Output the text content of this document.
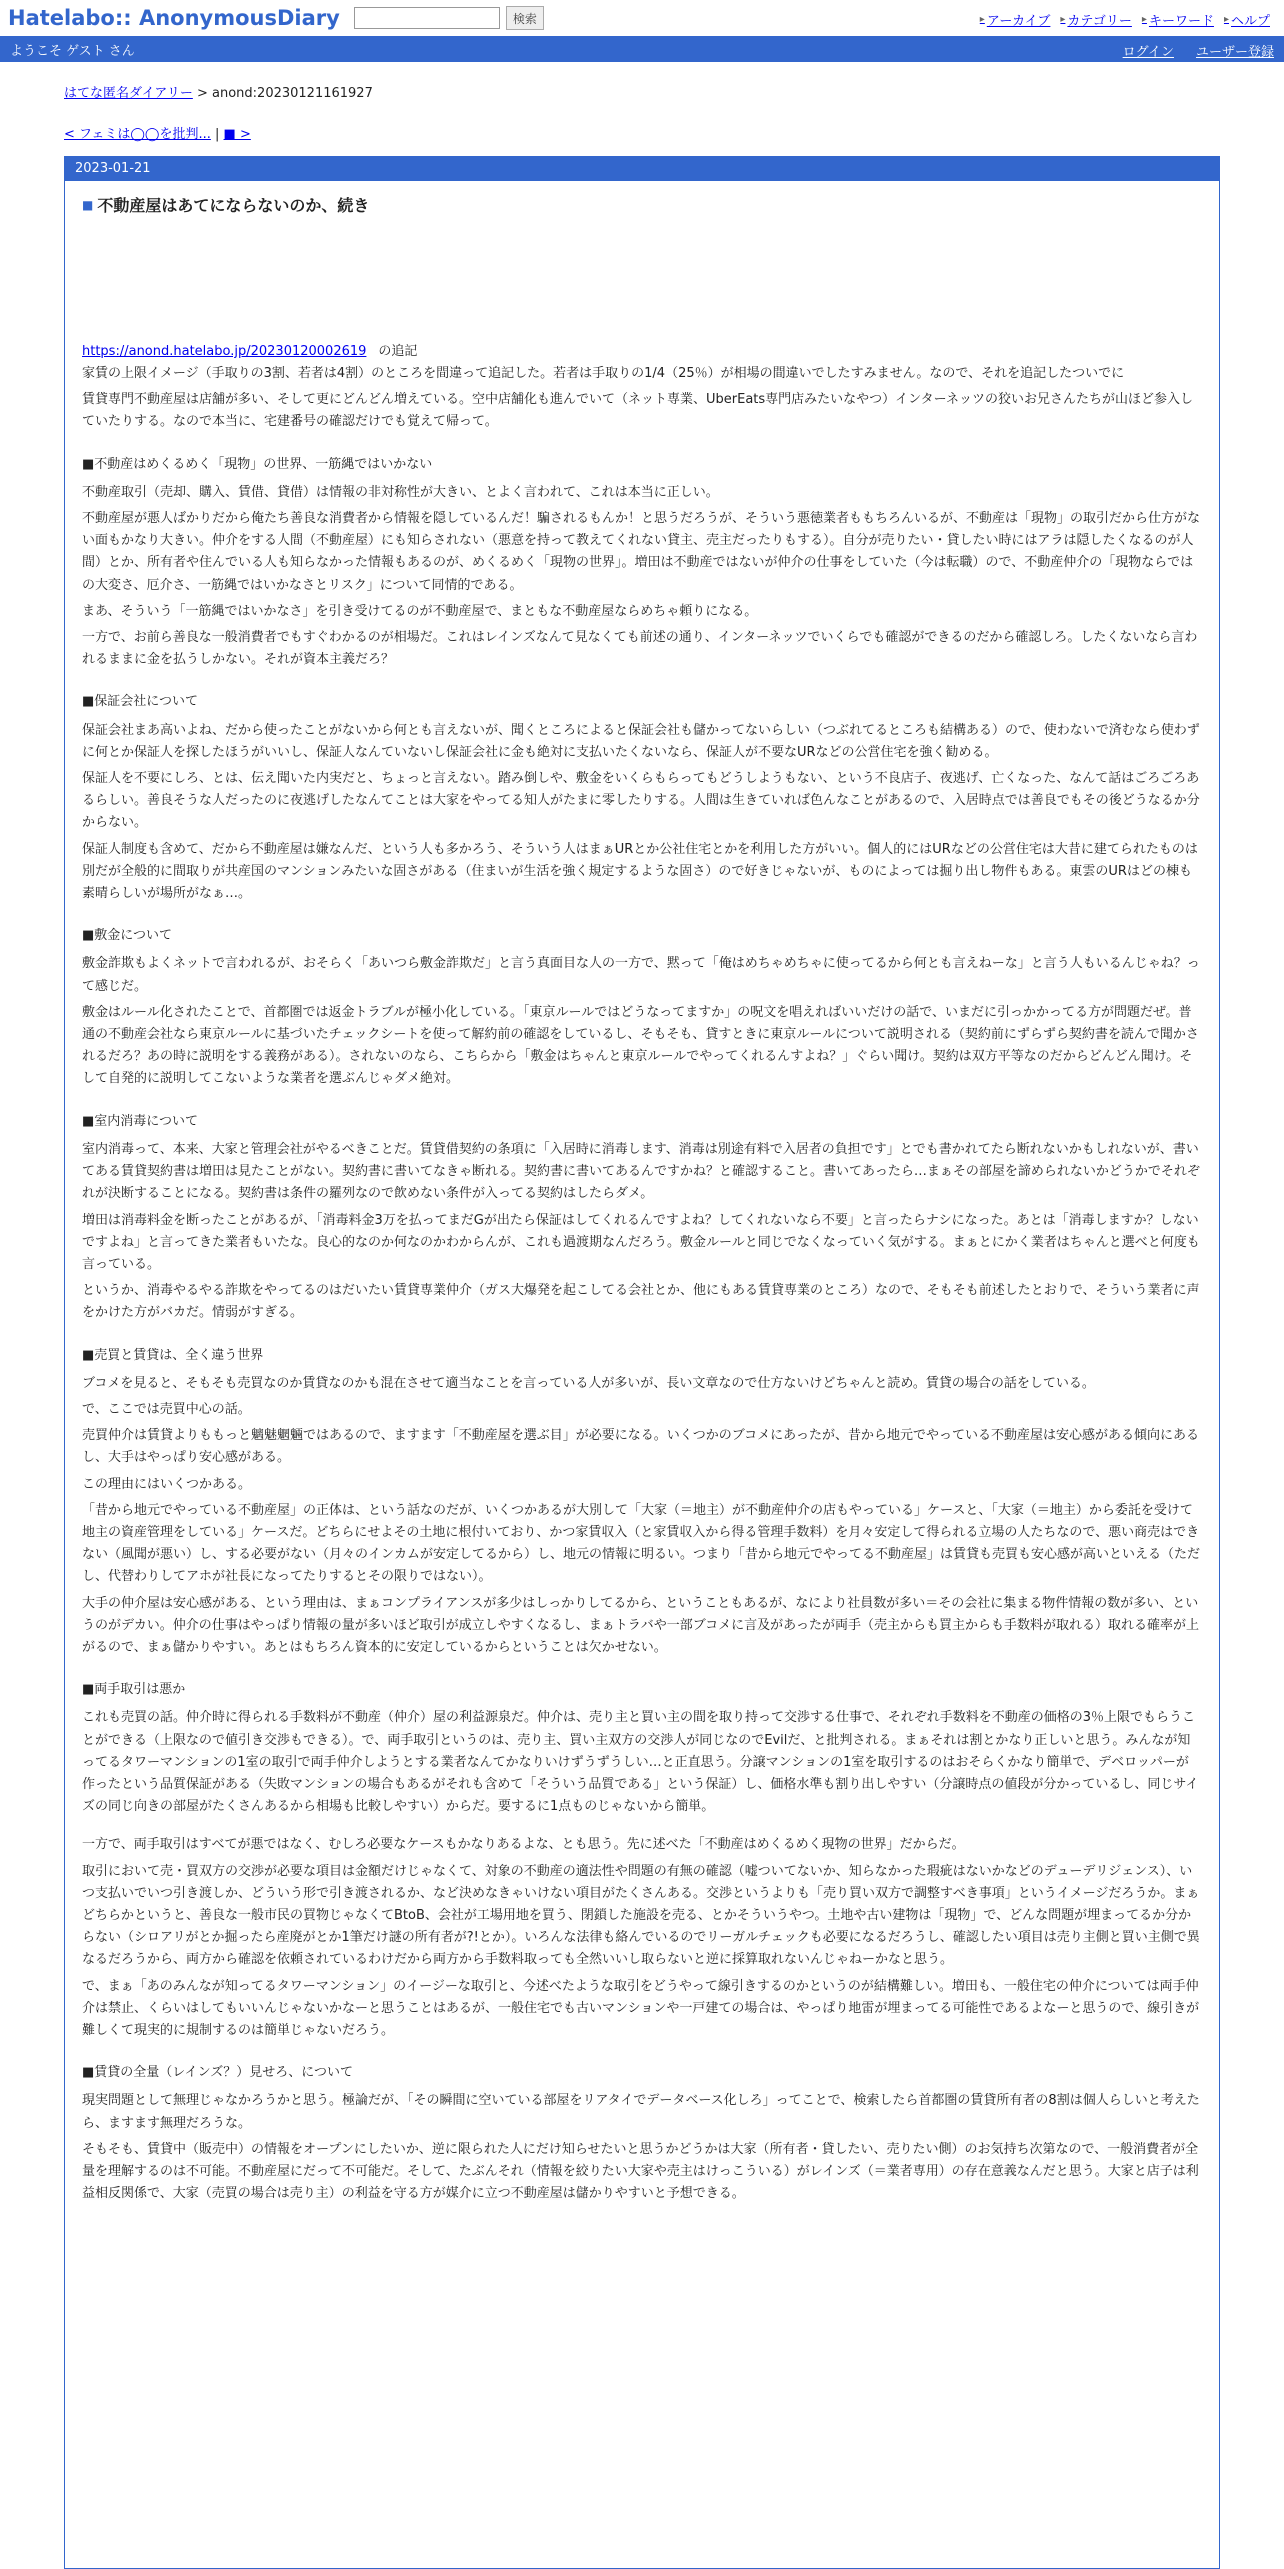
Hatelabo:: AnonymousDiary	検索	▸ アーカイブ ▸ カテゴリー ▸ キーワード ▸ ヘルプ
ようこそ ゲスト さん	ログイン ユーザー登録
はてな匿名ダイアリー > anond:20230121161927
< フェミは◯◯を批判... | ■ >
2023-01-21
■ 不動産屋はあてにならないのか、続き
https://anond.hatelabo.jp/20230120002619 の追記

家賃の上限イメージ（手取りの3割、若者は4割）のところを間違って追記した。若者は手取りの1/4（25％）が相場の間違いでしたすみません。なので、それを追記したついでに

賃貸専門不動産屋は店舗が多い、そして更にどんどん増えている。空中店舗化も進んでいて（ネット専業、UberEats専門店みたいなやつ）インターネッツの狡いお兄さんたちが山ほど参入していたりする。なので本当に、宅建番号の確認だけでも覚えて帰って。

■不動産はめくるめく「現物」の世界、一筋縄ではいかない

不動産取引（売却、購入、賃借、貸借）は情報の非対称性が大きい、とよく言われて、これは本当に正しい。

不動産屋が悪人ばかりだから俺たち善良な消費者から情報を隠しているんだ！騙されるもんか！と思うだろうが、そういう悪徳業者ももちろんいるが、不動産は「現物」の取引だから仕方がない面もかなり大きい。仲介をする人間（不動産屋）にも知らされない（悪意を持って教えてくれない貸主、売主だったりもする）。自分が売りたい・貸したい時にはアラは隠したくなるのが人間）とか、所有者や住んでいる人も知らなかった情報もあるのが、めくるめく「現物の世界」。増田は不動産ではないが仲介の仕事をしていた（今は転職）ので、不動産仲介の「現物ならではの大変さ、厄介さ、一筋縄ではいかなさとリスク」について同情的である。

まあ、そういう「一筋縄ではいかなさ」を引き受けてるのが不動産屋で、まともな不動産屋ならめちゃ頼りになる。

一方で、お前ら善良な一般消費者でもすぐわかるのが相場だ。これはレインズなんて見なくても前述の通り、インターネッツでいくらでも確認ができるのだから確認しろ。したくないなら言われるままに金を払うしかない。それが資本主義だろ？

■保証会社について

保証会社まあ高いよね、だから使ったことがないから何とも言えないが、聞くところによると保証会社も儲かってないらしい（つぶれてるところも結構ある）ので、使わないで済むなら使わずに何とか保証人を探したほうがいいし、保証人なんていないし保証会社に金も絶対に支払いたくないなら、保証人が不要なURなどの公営住宅を強く勧める。

保証人を不要にしろ、とは、伝え聞いた内実だと、ちょっと言えない。踏み倒しや、敷金をいくらもらってもどうしようもない、という不良店子、夜逃げ、亡くなった、なんて話はごろごろあるらしい。善良そうな人だったのに夜逃げしたなんてことは大家をやってる知人がたまに零したりする。人間は生きていれば色んなことがあるので、入居時点では善良でもその後どうなるか分からない。

保証人制度も含めて、だから不動産屋は嫌なんだ、という人も多かろう、そういう人はまぁURとか公社住宅とかを利用した方がいい。個人的にはURなどの公営住宅は大昔に建てられたものは別だが全般的に間取りが共産国のマンションみたいな固さがある（住まいが生活を強く規定するような固さ）ので好きじゃないが、ものによっては掘り出し物件もある。東雲のURはどの棟も素晴らしいが場所がなぁ…。

■敷金について

敷金詐欺もよくネットで言われるが、おそらく「あいつら敷金詐欺だ」と言う真面目な人の一方で、黙って「俺はめちゃめちゃに使ってるから何とも言えねーな」と言う人もいるんじゃね？って感じだ。

敷金はルール化されたことで、首都圏では返金トラブルが極小化している。「東京ルールではどうなってますか」の呪文を唱えればいいだけの話で、いまだに引っかかってる方が問題だぜ。普通の不動産会社なら東京ルールに基づいたチェックシートを使って解約前の確認をしているし、そもそも、貸すときに東京ルールについて説明される（契約前にずらずら契約書を読んで聞かされるだろ？あの時に説明をする義務がある）。されないのなら、こちらから「敷金はちゃんと東京ルールでやってくれるんすよね？」ぐらい聞け。契約は双方平等なのだからどんどん聞け。そして自発的に説明してこないような業者を選ぶんじゃダメ絶対。

■室内消毒について

室内消毒って、本来、大家と管理会社がやるべきことだ。賃貸借契約の条項に「入居時に消毒します、消毒は別途有料で入居者の負担です」とでも書かれてたら断れないかもしれないが、書いてある賃貸契約書は増田は見たことがない。契約書に書いてなきゃ断れる。契約書に書いてあるんですかね？と確認すること。書いてあったら…まぁその部屋を諦められないかどうかでそれぞれが決断することになる。契約書は条件の羅列なので飲めない条件が入ってる契約はしたらダメ。

増田は消毒料金を断ったことがあるが、「消毒料金3万を払ってまだGが出たら保証はしてくれるんですよね？してくれないなら不要」と言ったらナシになった。あとは「消毒しますか？しないですよね」と言ってきた業者もいたな。良心的なのか何なのかわからんが、これも過渡期なんだろう。敷金ルールと同じでなくなっていく気がする。まぁとにかく業者はちゃんと選べと何度も言っている。

というか、消毒やるやる詐欺をやってるのはだいたい賃貸専業仲介（ガス大爆発を起こしてる会社とか、他にもある賃貸専業のところ）なので、そもそも前述したとおりで、そういう業者に声をかけた方がバカだ。情弱がすぎる。

■売買と賃貸は、全く違う世界

ブコメを見ると、そもそも売買なのか賃貸なのかも混在させて適当なことを言っている人が多いが、長い文章なので仕方ないけどちゃんと読め。賃貸の場合の話をしている。

で、ここでは売買中心の話。

売買仲介は賃貸よりももっと魑魅魍魎ではあるので、ますます「不動産屋を選ぶ目」が必要になる。いくつかのブコメにあったが、昔から地元でやっている不動産屋は安心感がある傾向にあるし、大手はやっぱり安心感がある。

この理由にはいくつかある。

「昔から地元でやっている不動産屋」の正体は、という話なのだが、いくつかあるが大別して「大家（＝地主）が不動産仲介の店もやっている」ケースと、「大家（＝地主）から委託を受けて地主の資産管理をしている」ケースだ。どちらにせよその土地に根付いており、かつ家賃収入（と家賃収入から得る管理手数料）を月々安定して得られる立場の人たちなので、悪い商売はできない（風聞が悪い）し、する必要がない（月々のインカムが安定してるから）し、地元の情報に明るい。つまり「昔から地元でやってる不動産屋」は賃貸も売買も安心感が高いといえる（ただし、代替わりしてアホが社長になってたりするとその限りではない）。

大手の仲介屋は安心感がある、という理由は、まぁコンプライアンスが多少はしっかりしてるから、ということもあるが、なにより社員数が多い＝その会社に集まる物件情報の数が多い、というのがデカい。仲介の仕事はやっぱり情報の量が多いほど取引が成立しやすくなるし、まぁトラバや一部ブコメに言及があったが両手（売主からも買主からも手数料が取れる）取れる確率が上がるので、まぁ儲かりやすい。あとはもちろん資本的に安定しているからということは欠かせない。

■両手取引は悪か

これも売買の話。仲介時に得られる手数料が不動産（仲介）屋の利益源泉だ。仲介は、売り主と買い主の間を取り持って交渉する仕事で、それぞれ手数料を不動産の価格の3％上限でもらうことができる（上限なので値引き交渉もできる）。で、両手取引というのは、売り主、買い主双方の交渉人が同じなのでEvilだ、と批判される。まぁそれは割とかなり正しいと思う。みんなが知ってるタワーマンションの1室の取引で両手仲介しようとする業者なんてかなりいけずうずうしい…と正直思う。分譲マンションの1室を取引するのはおそらくかなり簡単で、デベロッパーが作ったという品質保証がある（失敗マンションの場合もあるがそれも含めて「そういう品質である」という保証）し、価格水準も割り出しやすい（分譲時点の値段が分かっているし、同じサイズの同じ向きの部屋がたくさんあるから相場も比較しやすい）からだ。要するに1点ものじゃないから簡単。

一方で、両手取引はすべてが悪ではなく、むしろ必要なケースもかなりあるよな、とも思う。先に述べた「不動産はめくるめく現物の世界」だからだ。

取引において売・買双方の交渉が必要な項目は金額だけじゃなくて、対象の不動産の適法性や問題の有無の確認（嘘ついてないか、知らなかった瑕疵はないかなどのデューデリジェンス）、いつ支払いでいつ引き渡しか、どういう形で引き渡されるか、など決めなきゃいけない項目がたくさんある。交渉というよりも「売り買い双方で調整すべき事項」というイメージだろうか。まぁどちらかというと、善良な一般市民の買物じゃなくてBtoB、会社が工場用地を買う、閉鎖した施設を売る、とかそういうやつ。土地や古い建物は「現物」で、どんな問題が埋まってるか分からない（シロアリがとか掘ったら産廃がとか1筆だけ謎の所有者が?!とか）。いろんな法律も絡んでいるのでリーガルチェックも必要になるだろうし、確認したい項目は売り主側と買い主側で異なるだろうから、両方から確認を依頼されているわけだから両方から手数料取っても全然いいし取らないと逆に採算取れないんじゃねーかなと思う。

で、まぁ「あのみんなが知ってるタワーマンション」のイージーな取引と、今述べたような取引をどうやって線引きするのかというのが結構難しい。増田も、一般住宅の仲介については両手仲介は禁止、くらいはしてもいいんじゃないかなーと思うことはあるが、一般住宅でも古いマンションや一戸建ての場合は、やっぱり地雷が埋まってる可能性であるよなーと思うので、線引きが難しくて現実的に規制するのは簡単じゃないだろう。

■賃貸の全量（レインズ？）見せろ、について

現実問題として無理じゃなかろうかと思う。極論だが、「その瞬間に空いている部屋をリアタイでデータベース化しろ」ってことで、検索したら首都圏の賃貸所有者の8割は個人らしいと考えたら、ますます無理だろうな。

そもそも、賃貸中（販売中）の情報をオープンにしたいか、逆に限られた人にだけ知らせたいと思うかどうかは大家（所有者・貸したい、売りたい側）のお気持ち次第なので、一般消費者が全量を理解するのは不可能。不動産屋にだって不可能だ。そして、たぶんそれ（情報を絞りたい大家や売主はけっこういる）がレインズ（＝業者専用）の存在意義なんだと思う。大家と店子は利益相反関係で、大家（売買の場合は売り主）の利益を守る方が媒介に立つ不動産屋は儲かりやすいと予想できる。
